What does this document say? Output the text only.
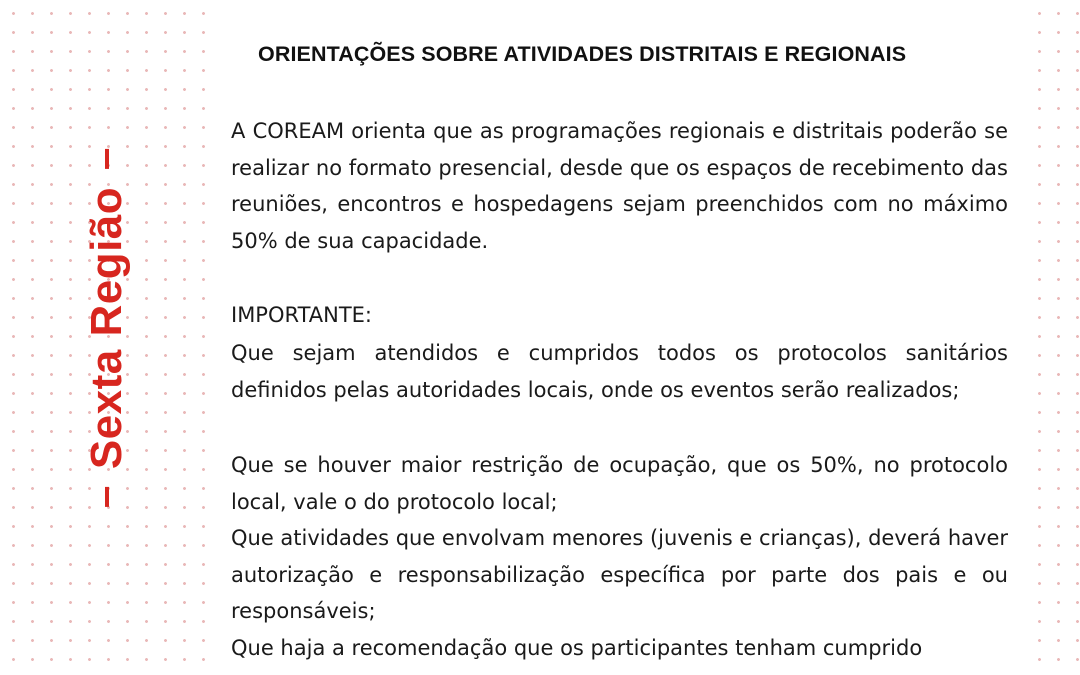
Sexta Região
ORIENTAÇÕES SOBRE ATIVIDADES DISTRITAIS E REGIONAIS

A COREAM orienta que as programações regionais e distritais poderão se realizar no formato presencial, desde que os espaços de recebimento das reuniões, encontros e hospedagens sejam preenchidos com no máximo 50% de sua capacidade.

IMPORTANTE:

Que sejam atendidos e cumpridos todos os protocolos sanitários definidos pelas autoridades locais, onde os eventos serão realizados;

Que se houver maior restrição de ocupação, que os 50%, no protocolo local, vale o do protocolo local;

Que atividades que envolvam menores (juvenis e crianças), deverá haver autorização e responsabilização específica por parte dos pais e ou responsáveis;

Que haja a recomendação que os participantes tenham cumprido
